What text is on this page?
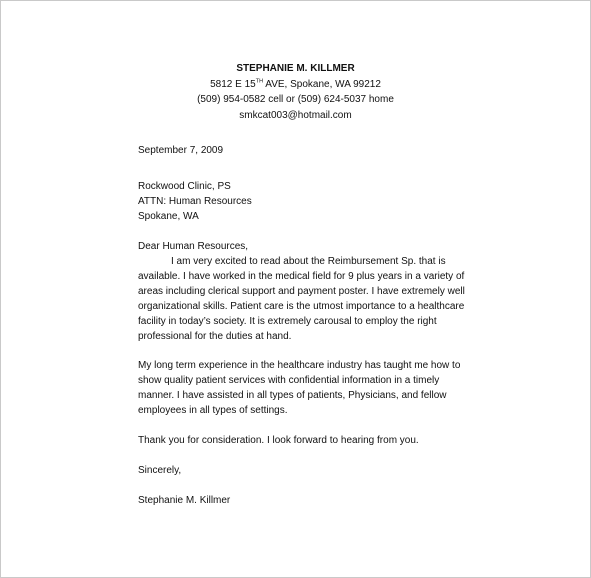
STEPHANIE M. KILLMER
5812 E 15TH AVE, Spokane, WA 99212
(509) 954-0582 cell or (509) 624-5037 home
smkcat003@hotmail.com
September 7, 2009
Rockwood Clinic, PS
ATTN: Human Resources
Spokane, WA
Dear Human Resources,
I am very excited to read about the Reimbursement Sp. that is
available. I have worked in the medical field for 9 plus years in a variety of
areas including clerical support and payment poster. I have extremely well
organizational skills. Patient care is the utmost importance to a healthcare
facility in today’s society. It is extremely carousal to employ the right
professional for the duties at hand.
My long term experience in the healthcare industry has taught me how to
show quality patient services with confidential information in a timely
manner. I have assisted in all types of patients, Physicians, and fellow
employees in all types of settings.
Thank you for consideration. I look forward to hearing from you.
Sincerely,
Stephanie M. Killmer
